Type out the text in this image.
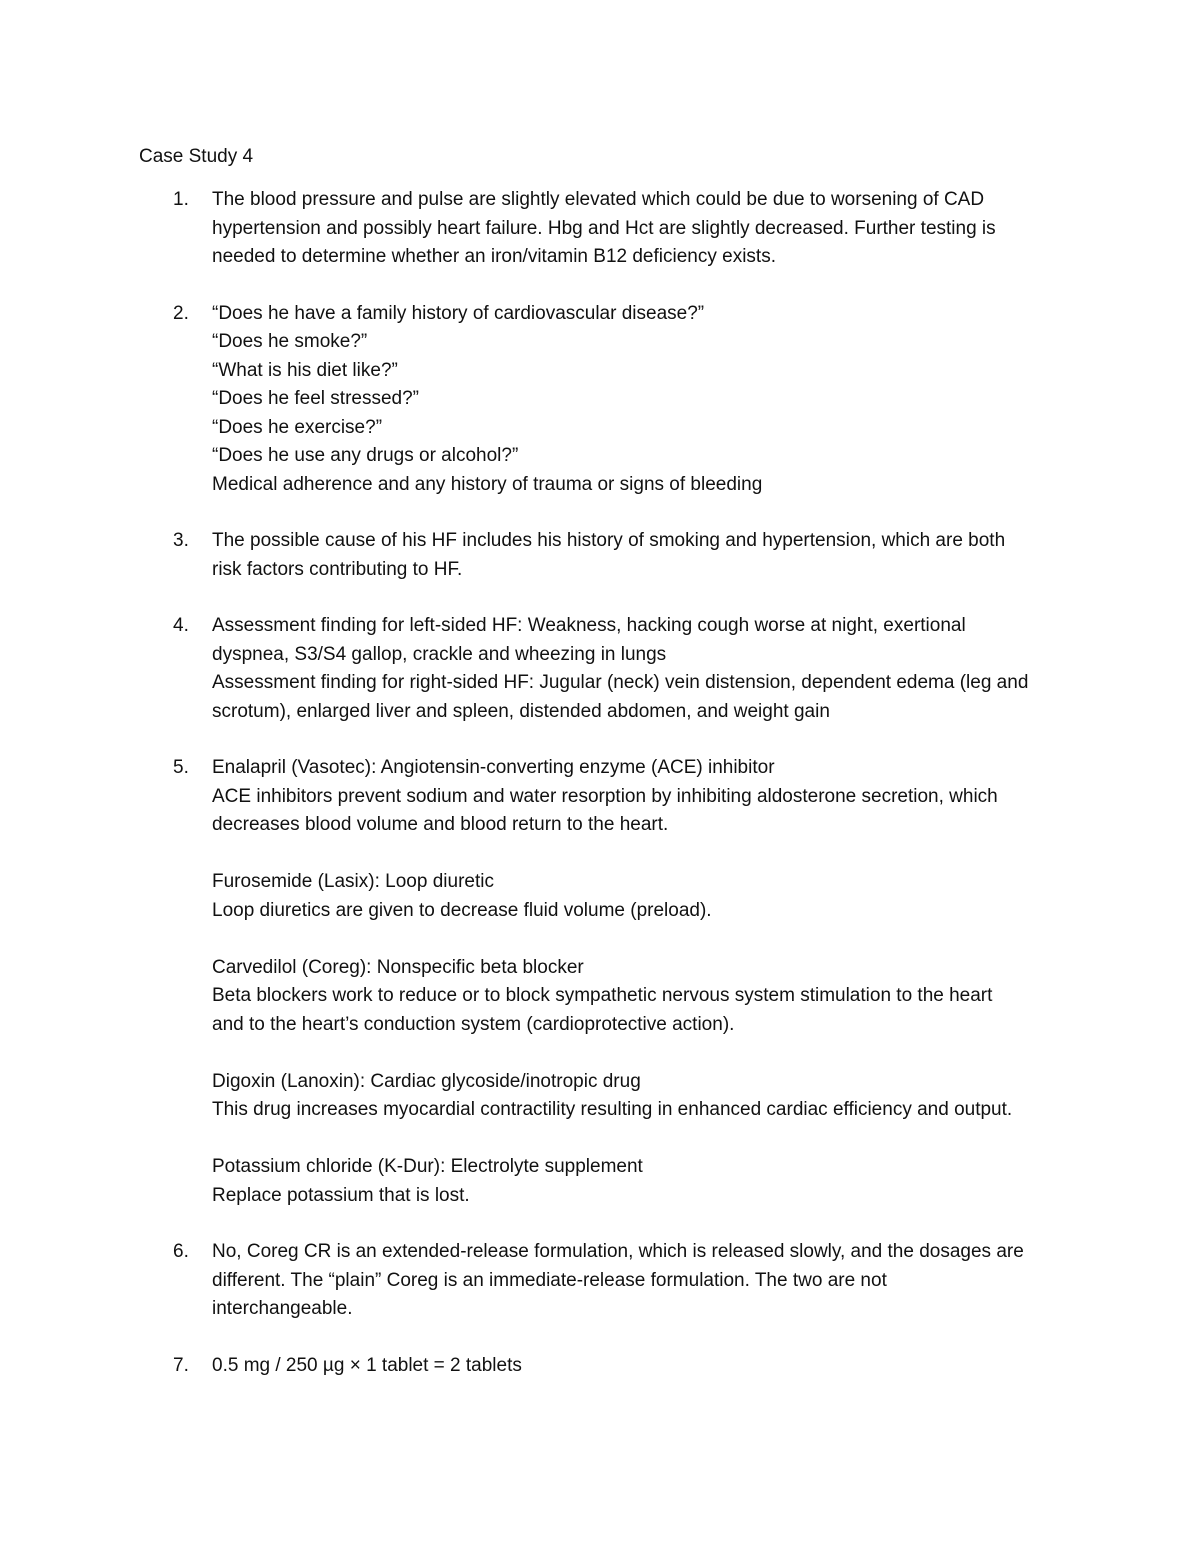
Case Study 4
1. The blood pressure and pulse are slightly elevated which could be due to worsening of CAD
hypertension and possibly heart failure. Hbg and Hct are slightly decreased. Further testing is
needed to determine whether an iron/vitamin B12 deficiency exists.
2. “Does he have a family history of cardiovascular disease?”
“Does he smoke?”
“What is his diet like?”
“Does he feel stressed?”
“Does he exercise?”
“Does he use any drugs or alcohol?”
Medical adherence and any history of trauma or signs of bleeding
3. The possible cause of his HF includes his history of smoking and hypertension, which are both
risk factors contributing to HF.
4. Assessment finding for left-sided HF: Weakness, hacking cough worse at night, exertional
dyspnea, S3/S4 gallop, crackle and wheezing in lungs
Assessment finding for right-sided HF: Jugular (neck) vein distension, dependent edema (leg and
scrotum), enlarged liver and spleen, distended abdomen, and weight gain
5. Enalapril (Vasotec): Angiotensin-converting enzyme (ACE) inhibitor
ACE inhibitors prevent sodium and water resorption by inhibiting aldosterone secretion, which
decreases blood volume and blood return to the heart.
Furosemide (Lasix): Loop diuretic
Loop diuretics are given to decrease fluid volume (preload).
Carvedilol (Coreg): Nonspecific beta blocker
Beta blockers work to reduce or to block sympathetic nervous system stimulation to the heart
and to the heart’s conduction system (cardioprotective action).
Digoxin (Lanoxin): Cardiac glycoside/inotropic drug
This drug increases myocardial contractility resulting in enhanced cardiac efficiency and output.
Potassium chloride (K-Dur): Electrolyte supplement
Replace potassium that is lost.
6. No, Coreg CR is an extended-release formulation, which is released slowly, and the dosages are
different. The “plain” Coreg is an immediate-release formulation. The two are not
interchangeable.
7. 0.5 mg / 250 µg × 1 tablet = 2 tablets
